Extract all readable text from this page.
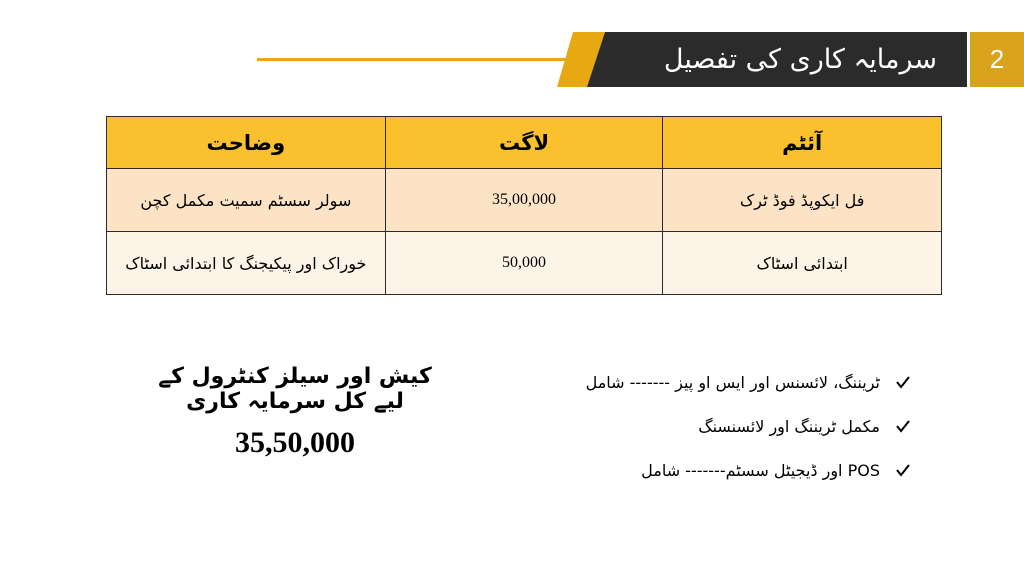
سرمایہ کاری کی تفصیل	2
آئٹم	لاگت	وضاحت
فل ایکوپڈ فوڈ ٹرک	35,00,000	سولر سسٹم سمیت مکمل کچن
ابتدائی اسٹاک	50,000	خوراک اور پیکیجنگ کا ابتدائی اسٹاک
کیش اور سیلز کنٹرول کے لیے کل سرمایہ کاری
35,50,000
ٹریننگ، لائسنس اور ایس او پیز ------- شامل
مکمل ٹریننگ اور لائسنسنگ
POS اور ڈیجیٹل سسٹم------- شامل
